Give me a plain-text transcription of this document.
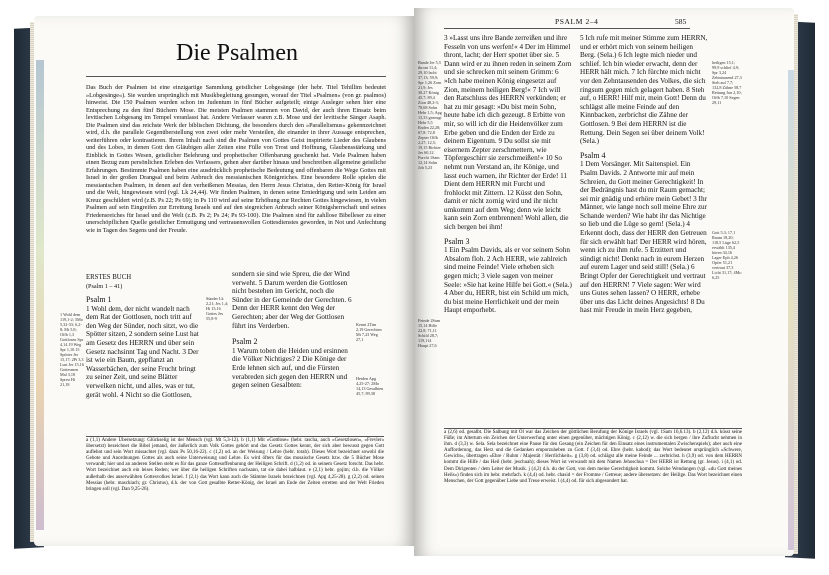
Die Psalmen
Das Buch der Psalmen ist eine einzigartige Sammlung geistlicher Lobgesänge (der hebr. Titel Tehillim bedeutet »Lobgesänge«). Sie wurden ursprünglich mit Musikbegleitung gesungen, worauf der Titel »Psalmen« (von gr. psalmos) hinweist. Die 150 Psalmen wurden schon im Judentum in fünf Bücher aufgeteilt; einige Ausleger sehen hier eine Entsprechung zu den fünf Büchern Mose. Die meisten Psalmen stammen von David, der auch ihren Einsatz beim levitischen Lobgesang im Tempel veranlasst hat. Andere Verfasser waren z.B. Mose und der levitische Sänger Asaph. Die Psalmen sind das reichste Werk der biblischen Dichtung, die besonders durch den »Parallelismus« gekennzeichnet wird, d.h. die parallele Gegenüberstellung von zwei oder mehr Versteilen, die einander in ihrer Aussage entsprechen, weiterführen oder kontrastieren. Ihrem Inhalt nach sind die Psalmen von Gottes Geist inspirierte Lieder des Glaubens und des Lobes, in denen Gott den Gläubigen aller Zeiten eine Fülle von Trost und Hoffnung, Glaubensstärkung und Einblick in Gottes Wesen, geistlicher Belehrung und prophetischer Offenbarung geschenkt hat. Viele Psalmen haben einen Bezug zum persönlichen Erleben des Verfassers, gehen aber darüber hinaus und beschreiben allgemeine geistliche Erfahrungen. Bestimmte Psalmen haben eine ausdrücklich prophetische Bedeutung und offenbaren die Wege Gottes mit Israel in der großen Drangsal und beim Anbruch des messianischen Königreiches. Eine besondere Rolle spielen die messianischen Psalmen, in denen auf den verheißenen Messias, den Herrn Jesus Christus, den Retter-König für Israel und die Welt, hingewiesen wird (vgl. Lk 24,44). Wir finden Psalmen, in denen seine Erniedrigung und sein Leiden am Kreuz geschildert wird (z.B. Ps 22; Ps 69); in Ps 110 wird auf seine Erhöhung zur Rechten Gottes hingewiesen, in vielen Psalmen auf sein Eingreifen zur Errettung Israels und auf den siegreichen Anbruch seiner Königsherrschaft und seines Friedensreiches für Israel und die Welt (z.B. Ps 2; Ps 24; Ps 93-100). Die Psalmen sind für zahllose Bibelleser zu einer unerschöpflichen Quelle geistlicher Ermutigung und vertrauensvollen Gottesdienstes geworden, in Not und Anfechtung wie in Tagen des Segens und der Freude.
ERSTES BUCH
(Psalm 1 – 41)

Psalm 1

1 Wohl dem, der nicht wandelt nach dem Rat der Gottlosen, noch tritt auf den Weg der Sünder, noch sitzt, wo die Spötter sitzen, 2 sondern seine Lust hat am Gesetz des HERRN und über sein Gesetz nachsinnt Tag und Nacht. 3 Der ist wie ein Baum, gepflanzt an Wasserbächen, der seine Frucht bringt zu seiner Zeit, und seine Blätter verwelken nicht, und alles, was er tut, gerät wohl. 4 Nicht so die Gottlosen,

1 Wohl dem 119,1-2; 5Mo 5,32-33; 6,2-8; Mt 5,8; Offb 1,3 Gottlosen Spr 4,14.19 Weg Spr 1,10.15 Spötter Jer 15,17; 2Pt 3,3 Lust Jer 15,16 Gottesmen Mal 3,18 Spreu Hi 21,18
Sünder Lk 2,21; Jes 1,4; Hi 15,16 Gottes Jes 55,8-9
Kennt 2Tim 2,19 Gerechten Mt 7,23 Weg 27,1
Heiden Apg 4,25-27; 2Mo 14,13 Gesalbten 45,7; 89,38

sondern sie sind wie Spreu, die der Wind verweht. 5 Darum werden die Gottlosen nicht bestehen im Gericht, noch die Sünder in der Gemeinde der Gerechten. 6 Denn der HERR kennt den Weg der Gerechten; aber der Weg der Gottlosen führt ins Verderben.

Psalm 2

1 Warum toben die Heiden und ersinnen die Völker Nichtiges? 2 Die Könige der Erde lehnen sich auf, und die Fürsten verabreden sich gegen den HERRN und gegen seinen Gesalbten:

a (1,1) Andere Übersetzung: Glückselig ist der Mensch (vgl. Mt 5,3-12). b (1,1) Mit »Gottlose« (hebr. rascha, auch »Gesetzlosen«, »Frevler« übersetzt) bezeichnet die Bibel jemand, der äußerlich zum Volk Gottes gehört und das Gesetz Gottes kennt, der sich aber bewusst gegen Gott auflehnt und sein Wort missachtet (vgl. dazu Ps 50,16-22). c (1,2) od. an der Weisung / Lehre (hebr. torah). Dieses Wort bezeichnet sowohl die Gebote und Anordnungen Gottes als auch seine Unterweisung und Lehre. Es wird öfters für das mosaische Gesetz bzw. die 5 Bücher Mose verwandt; hier und an anderen Stellen steht es für das ganze Gottesoffenbarung der Heiligen Schrift. d (1,2) od. in seinem Gesetz forscht. Das hebr. Wort bezeichnet auch ein leises Reden; wer über die heiligen Schriften nachsann, tat sie dabei halblaut. e (2,1) hebr. gojim; d.h. die Völker außerhalb des auserwählten Gottesvolkes Israel. f (2,1) das Wort kann auch die Stämme Israels bezeichnen (vgl. Apg 4,25-28). g (2,2) od. seinen Messias (hebr. maschiach; gr. Christus), d.h. der von Gott gesalbte Retter-König, der Israel am Ende der Zeiten erretten und der Welt Frieden bringen soll (vgl. Dan 9,25-26).
PSALM 2–4	585
Bande Jer 5,5 thront 11,4; 29,10 lacht 37,13; 59,9; Spr 1,26 Zorn 21,9; Jes 30,27 König 45,7; 89,4 Zion 48,2-3; 78,68 Sohn Hebr 1,5; Apg 13,33 gezeugt Hebr 5,5 Enden 22,28; 67,8; 72,8 Zepter Offb 2,27; 12,5; 19,15 Richter Jes 60,12 Furcht 1Sam 12,14 Sohn Joh 5,23

3 »Lasst uns ihre Bande zerreißen und ihre Fesseln von uns werfen!« 4 Der im Himmel thront, lacht; der Herr spottet über sie. 5 Dann wird er zu ihnen reden in seinem Zorn und sie schrecken mit seinem Grimm: 6 »Ich habe meinen König eingesetzt auf Zion, meinem heiligen Berg!« 7 Ich will den Ratschluss des HERRN verkünden; er hat zu mir gesagt: »Du bist mein Sohn, heute habe ich dich gezeugt. 8 Erbitte von mir, so will ich dir die Heidenvölker zum Erbe geben und die Enden der Erde zu deinem Eigentum. 9 Du sollst sie mit eisernem Zepter zerschmettern, wie Töpfergeschirr sie zerschmeißen!« 10 So nehmt nun Verstand an, ihr Könige, und lasst euch warnen, ihr Richter der Erde! 11 Dient dem HERRN mit Furcht und frohlockt mit Zittern. 12 Küsst den Sohn, damit er nicht zornig wird und ihr nicht umkommt auf dem Weg; denn wie leicht kann sein Zorn entbrennen! Wohl allen, die sich bergen bei ihm!

Psalm 3

1 Ein Psalm Davids, als er vor seinem Sohn Absalom floh. 2 Ach HERR, wie zahlreich sind meine Feinde! Viele erheben sich gegen mich; 3 viele sagen von meiner Seele: »Sie hat keine Hilfe bei Gott.« (Sela.) 4 Aber du, HERR, bist ein Schild um mich, du bist meine Herrlichkeit und der mein Haupt emporhebt.

Feinde 2Sam 15,14 Hilfe 22,8; 71,11 Schild 28,7; 119,114 Haupt 27,6

5 Ich rufe mit meiner Stimme zum HERRN, und er erhört mich von seinem heiligen Berg. (Sela.) 6 Ich legte mich nieder und schlief. Ich bin wieder erwacht, denn der HERR hält mich. 7 Ich fürchte mich nicht vor den Zehntausenden des Volkes, die sich ringsum gegen mich gelagert haben. 8 Steh auf, o HERR! Hilf mir, mein Gott! Denn du schlägst alle meine Feinde auf den Kinnbacken, zerbrichst die Zähne der Gottlosen. 9 Bei dem HERRN ist die Rettung. Dein Segen sei über deinem Volk! (Sela.)

Psalm 4

1 Dem Vorsänger. Mit Saitenspiel. Ein Psalm Davids. 2 Antworte mir auf mein Schreien, du Gott meiner Gerechtigkeit! In der Bedrängnis hast du mir Raum gemacht; sei mir gnädig und erhöre mein Gebet! 3 Ihr Männer, wie lange noch soll meine Ehre zur Schande werden? Wie habt ihr das Nichtige so lieb und die Lüge so gern! (Sela.) 4 Erkennt doch, dass der HERR den Getreuen für sich erwählt hat! Der HERR wird hören, wenn ich zu ihm rufe. 5 Erzittert und sündigt nicht! Denkt nach in eurem Herzen auf eurem Lager und seid still! (Sela.) 6 Bringt Opfer der Gerechtigkeit und vertraut auf den HERRN! 7 Viele sagen: Wer wird uns Gutes sehen lassen? O HERR, erhebe über uns das Licht deines Angesichts! 8 Du hast mir Freude in mein Herz gegeben,

heiligen 15,1; 99,9 schlief 4,9; Spr 3,24 Zehntausend 27,3 Steh auf 7,7; 132,8 Zähne 58,7 Rettung Jon 2,10; Offb 7,10 Segen 29,11
Gott 5,3; 17,1 Raum 18,20; 118,5 Lüge 62,5 erwählt 135,4 hören 34,16 Lager Eph 4,26 Opfer 51,21 vertraut 37,3 Licht 31,17; 4Mo 6,25
a (2,6) od. gesalbt. Die Salbung mit Öl war das Zeichen der göttlichen Berufung der Könige Israels (vgl. 1Sam 16,6.13). b (2,12) d.h. küsst seine Füße; im Altertum ein Zeichen der Unterwerfung unter einen gegenüber, mächtigen König. c (2,12) w. die sich bergen / ihre Zuflucht nehmen in ihm. d (3,3) w. Sela. Sela bezeichnet eine Pause für den Gesang (ein Zeichen für den Einsatz eines instrumentalen Zwischenspiels); aber auch eine Aufforderung, das Herz und die Gedanken emporzuheben zu Gott. f (3,4) od. Ehre (hebr. kabod); das Wort bedeutet ursprünglich »Schwere, Gewicht«, übertragen »Ehre / Ruhm / Majestät / Herrlichkeit«. g (3,8) od. schlägst alle meine Feinde ... zerbrichst. h (3,9) od. von dem HERRN kommt die Hilfe / das Heil (hebr. jeschuah); dieses Wort ist verwandt mit dem Namen Jehoschua = Der HERR ist Rettung (gr. Jesus). i (4,1) od. Dem Dirigenten / dem Leiter der Musik. j (4,2) d.h. du der Gott, von dem meine Gerechtigkeit kommt. Solche Wendungen (vgl. »du Gott meines Heils«) finden sich im hebr. mehrfach. k (4,4) od. hebr. chasid = der Fromme / Getreue; andere übersetzen: der Heilige. Das Wort bezeichnet einen Menschen, der Gott gegenüber Liebe und Treue erweist. l (4,4) od. für sich abgesondert hat.
